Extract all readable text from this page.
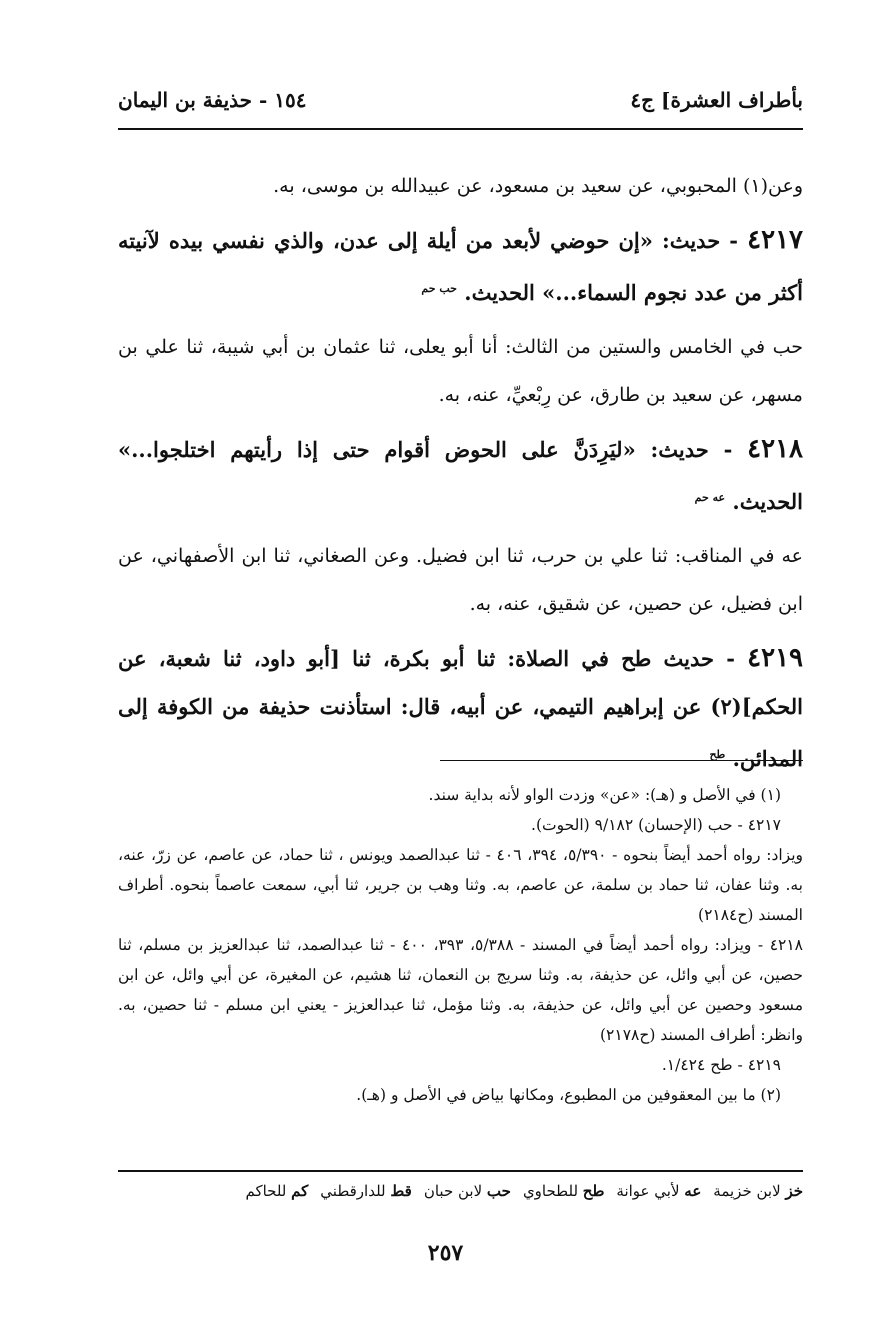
بأطراف العشرة] ج٤
١٥٤ - حذيفة بن اليمان

وعن(١) المحبوبي، عن سعيد بن مسعود، عن عبيدالله بن موسى، به.

٤٢١٧ - حديث: «إن حوضي لأبعد من أيلة إلى عدن، والذي نفسي بيده لآنيته أكثر من عدد نجوم السماء...» الحديث. $^{حب حم}$

حب في الخامس والستين من الثالث: أنا أبو يعلى، ثنا عثمان بن أبي شيبة، ثنا علي بن مسهر، عن سعيد بن طارق، عن رِبْعيِّ، عنه، به.

٤٢١٨ - حديث: «ليَرِدَنَّ على الحوض أقوام حتى إذا رأيتهم اختلجوا...» الحديث. $^{عه حم}$

عه في المناقب: ثنا علي بن حرب، ثنا ابن فضيل. وعن الصغاني، ثنا ابن الأصفهاني، عن ابن فضيل، عن حصين، عن شقيق، عنه، به.

٤٢١٩ - حديث طح في الصلاة: ثنا أبو بكرة، ثنا [أبو داود، ثنا شعبة، عن الحكم](٢) عن إبراهيم التيمي، عن أبيه، قال: استأذنت حذيفة من الكوفة إلى المدائن. $^{طح}$

(١) في الأصل و (هـ): «عن» وزدت الواو لأنه بداية سند.

٤٢١٧ - حب (الإحسان) ٩/١٨٢ (الحوت).

ويزاد: رواه أحمد أيضاً بنحوه - ٥/٣٩٠، ٣٩٤، ٤٠٦ - ثنا عبدالصمد ويونس ، ثنا حماد، عن عاصم، عن زرّ، عنه، به. وثنا عفان، ثنا حماد بن سلمة، عن عاصم، به. وثنا وهب بن جرير، ثنا أبي، سمعت عاصماً بنحوه. أطراف المسند (ح٢١٨٤)

٤٢١٨ - ويزاد: رواه أحمد أيضاً في المسند - ٥/٣٨٨، ٣٩٣، ٤٠٠ - ثنا عبدالصمد، ثنا عبدالعزيز بن مسلم، ثنا حصين، عن أبي وائل، عن حذيفة، به. وثنا سريج بن النعمان، ثنا هشيم، عن المغيرة، عن أبي وائل، عن ابن مسعود وحصين عن أبي وائل، عن حذيفة، به. وثنا مؤمل، ثنا عبدالعزيز - يعني ابن مسلم - ثنا حصين، به. وانظر: أطراف المسند (ح٢١٧٨)

٤٢١٩ - طح ١/٤٢٤.

(٢) ما بين المعقوفين من المطبوع، ومكانها بياض في الأصل و (هـ).

خز لابن خزيمة
عه لأبي عوانة
طح للطحاوي
حب لابن حبان
قط للدارقطني
كم للحاكم
٢٥٧
